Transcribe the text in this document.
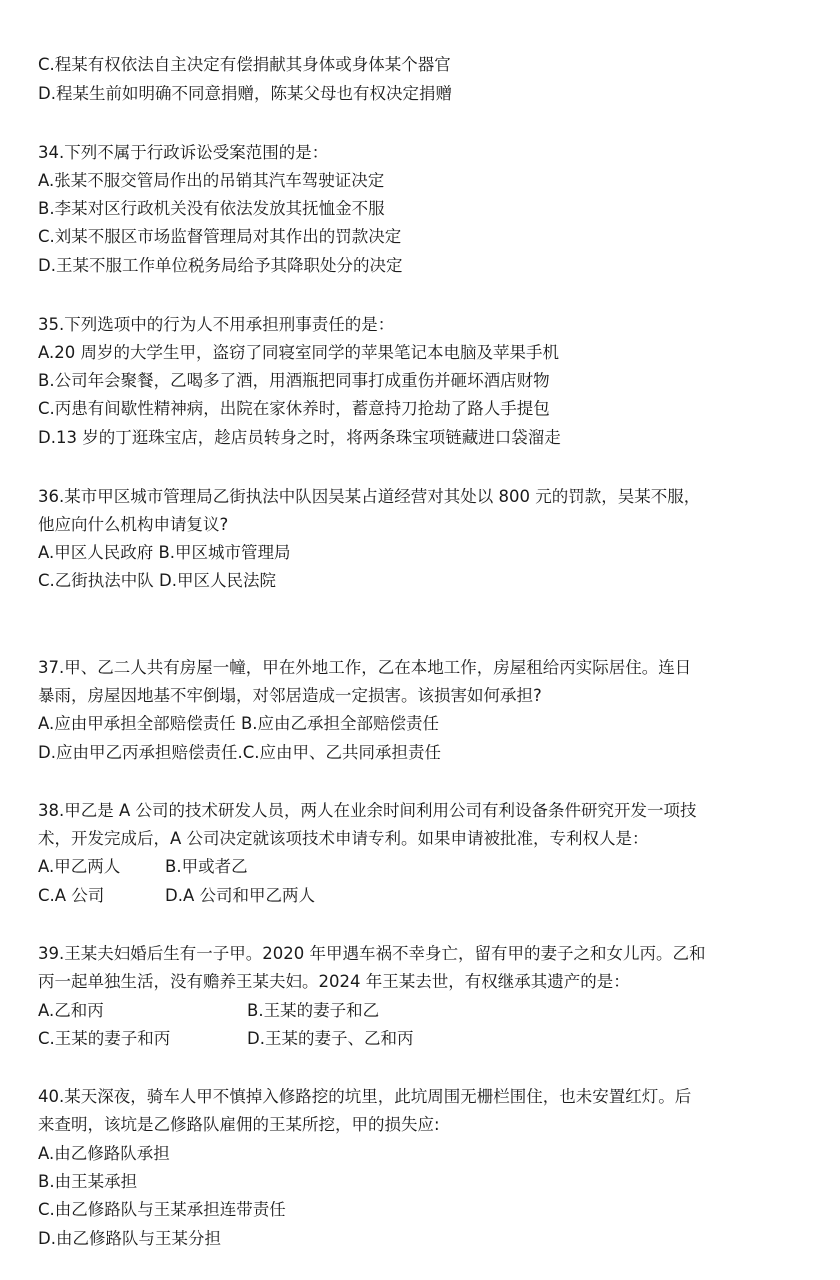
C.程某有权依法自主决定有偿捐献其身体或身体某个器官
D.程某生前如明确不同意捐赠，陈某父母也有权决定捐赠
34.下列不属于行政诉讼受案范围的是：
A.张某不服交管局作出的吊销其汽车驾驶证决定
B.李某对区行政机关没有依法发放其抚恤金不服
C.刘某不服区市场监督管理局对其作出的罚款决定
D.王某不服工作单位税务局给予其降职处分的决定
35.下列选项中的行为人不用承担刑事责任的是：
A.20 周岁的大学生甲，盗窃了同寝室同学的苹果笔记本电脑及苹果手机
B.公司年会聚餐，乙喝多了酒，用酒瓶把同事打成重伤并砸坏酒店财物
C.丙患有间歇性精神病，出院在家休养时，蓄意持刀抢劫了路人手提包
D.13 岁的丁逛珠宝店，趁店员转身之时，将两条珠宝项链藏进口袋溜走
36.某市甲区城市管理局乙街执法中队因吴某占道经营对其处以 800 元的罚款，吴某不服，
他应向什么机构申请复议?
A.甲区人民政府 B.甲区城市管理局
C.乙街执法中队 D.甲区人民法院
37.甲、乙二人共有房屋一幢，甲在外地工作，乙在本地工作，房屋租给丙实际居住。连日
暴雨，房屋因地基不牢倒塌，对邻居造成一定损害。该损害如何承担?
A.应由甲承担全部赔偿责任 B.应由乙承担全部赔偿责任
D.应由甲乙丙承担赔偿责任.C.应由甲、乙共同承担责任
38.甲乙是 A 公司的技术研发人员，两人在业余时间利用公司有利设备条件研究开发一项技
术，开发完成后，A 公司决定就该项技术申请专利。如果申请被批准，专利权人是：
A.甲乙两人	B.甲或者乙
C.A 公司	D.A 公司和甲乙两人
39.王某夫妇婚后生有一子甲。2020 年甲遇车祸不幸身亡，留有甲的妻子之和女儿丙。乙和
丙一起单独生活，没有赡养王某夫妇。2024 年王某去世，有权继承其遗产的是：
A.乙和丙	B.王某的妻子和乙
C.王某的妻子和丙	D.王某的妻子、乙和丙
40.某天深夜，骑车人甲不慎掉入修路挖的坑里，此坑周围无栅栏围住，也未安置红灯。后
来查明，该坑是乙修路队雇佣的王某所挖，甲的损失应:
A.由乙修路队承担
B.由王某承担
C.由乙修路队与王某承担连带责任
D.由乙修路队与王某分担
